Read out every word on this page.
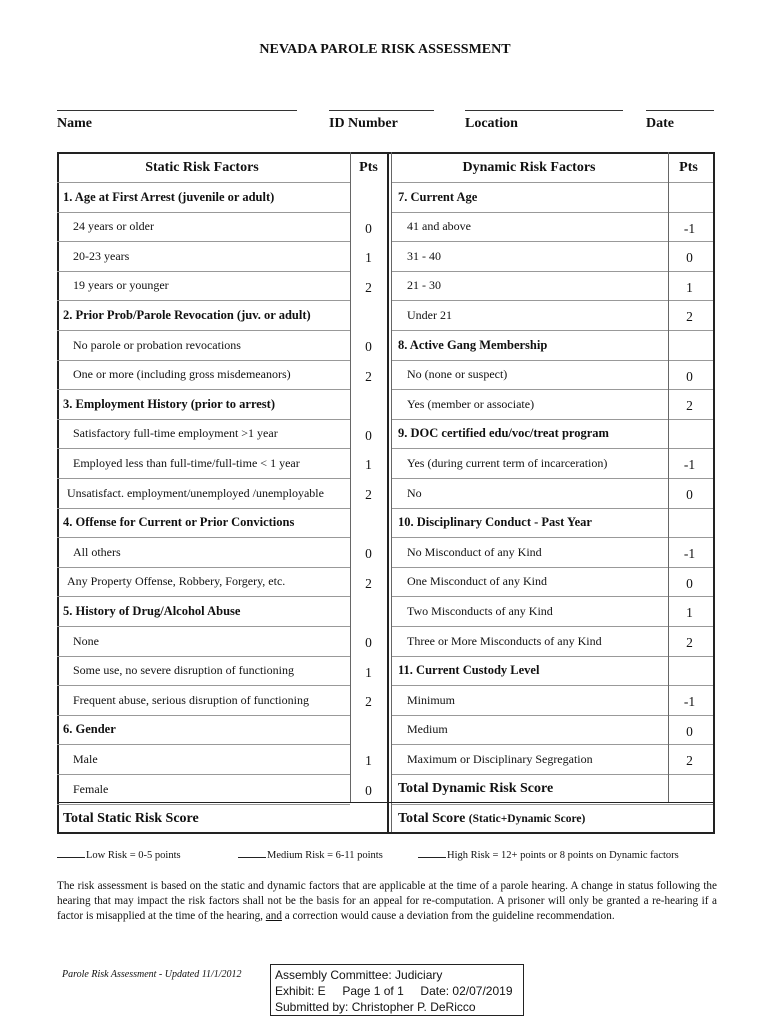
NEVADA PAROLE RISK ASSESSMENT
Name	ID Number	Location	Date
Static Risk Factors	Pts	Dynamic Risk Factors	Pts
1. Age at First Arrest (juvenile or adult)
24 years or older	0
20-23 years	1
19 years or younger	2
2. Prior Prob/Parole Revocation (juv. or adult)
No parole or probation revocations	0
One or more (including gross misdemeanors)	2
3. Employment History (prior to arrest)
Satisfactory full-time employment >1 year	0
Employed less than full-time/full-time < 1 year	1
Unsatisfact. employment/unemployed /unemployable	2
4. Offense for Current or Prior Convictions
All others	0
Any Property Offense, Robbery, Forgery, etc.	2
5. History of Drug/Alcohol Abuse
None	0
Some use, no severe disruption of functioning	1
Frequent abuse, serious disruption of functioning	2
6. Gender
Male	1
Female	0
7. Current Age
41 and above	-1
31 - 40	0
21 - 30	1
Under 21	2
8. Active Gang Membership
No (none or suspect)	0
Yes (member or associate)	2
9. DOC certified edu/voc/treat program
Yes (during current term of incarceration)	-1
No	0
10. Disciplinary Conduct - Past Year
No Misconduct of any Kind	-1
One Misconduct of any Kind	0
Two Misconducts of any Kind	1
Three or More Misconducts of any Kind	2
11. Current Custody Level
Minimum	-1
Medium	0
Maximum or Disciplinary Segregation	2
Total Dynamic Risk Score
Total Static Risk Score	Total Score
(Static+Dynamic Score)
Low Risk = 0-5 points	Medium Risk = 6-11 points	High Risk = 12+ points or 8 points on Dynamic factors
The risk assessment is based on the static and dynamic factors that are applicable at the time of a parole hearing. A change in status following the hearing that may impact the risk factors shall not be the basis for an appeal for re-computation. A prisoner will only be granted a re-hearing if a factor is misapplied at the time of the hearing, and a correction would cause a deviation from the guideline recommendation.
Parole Risk Assessment - Updated 11/1/2012	Assembly Committee: Judiciary
Exhibit: E     Page 1 of 1     Date: 02/07/2019
Submitted by: Christopher P. DeRicco
